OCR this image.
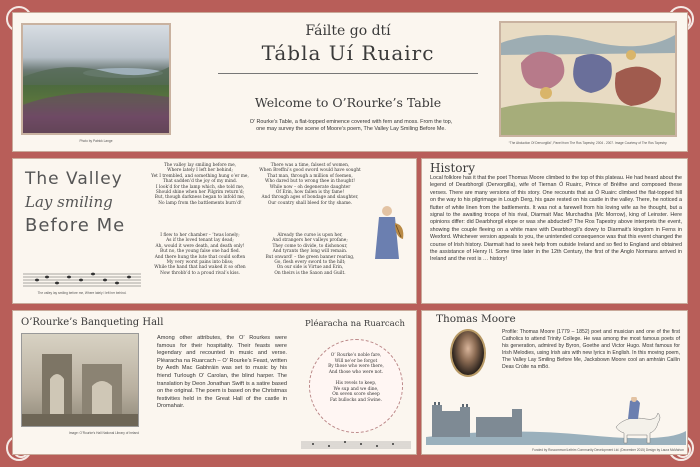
Photo by Patrick Lange
Fáilte go dtí
Tábla Uí Ruairc
Welcome to O’Rourke’s Table
O’ Rourke’s Table, a flat-topped eminence covered with fern and moss. From the top, one may survey the scene of Moore’s poem, The Valley Lay Smiling Before Me.
“The Abduction Of Dervorgilla”, Panel from The Ros Tapestry, 2004 - 2007. Image Courtesy of The Ros Tapestry.
The Valley
Lay smiling
Before Me
The valley lay smiling before me, Where lately I left her behind.
The valley lay smiling before me,
Where lately I left her behind;
Yet I trembled, and something hung o’er me,
That sadden’d the joy of my mind.
I look’d for the lamp which, she told me,
Should shine when her Pilgrim return’d;
But, though darkness began to infold me,
No lamp from the battlements burn’d!
I flew to her chamber – ’twas lonely;
As if the loved tenant lay dead;
Ah, would it were death, and death only!
But no, the young false one had fled.
And there hung the lute that could soften
My very worst pains into bliss;
While the hand that had waked it so often
Now throbb’d to a proud rival’s kiss.
There was a time, falsest of women,
When Breffni’s good sword would have sought
That man, through a million of foemen,
Who dared but to wrong thee in thought!
While now – oh degenerate daughter
Of Erin, how fallen is thy fame!
And through ages of bondage and slaughter,
Our country shall bleed for thy shame.
Already the curse is upon her,
And strangers her valleys profane;
They come to divide, to dishonour,
And tyrants they long will remain.
But onward! – the green banner rearing,
Go, flesh every sword to the hilt;
On our side is Virtue and Erin,
On theirs is the Saxon and Guilt.
History
Local folklore has it that the poet Thomas Moore climbed to the top of this plateau. He had heard about the legend of Dearbhorgil (Dervorgilla), wife of Tiernan Ó Ruairc, Prince of Bréifne and composed these verses. There are many versions of this story. One recounts that as Ó Ruairc climbed the flat-topped hill on the way to his pilgrimage in Lough Derg, his gaze rested on his castle in the valley. There, he noticed a flutter of white linen from the battlements. It was not a farewell from his loving wife as he thought, but a signal to the awaiting troops of his rival, Diarmait Mac Murchadha (Mc Morrow), king of Leinster. Here opinions differ: did Dearbhorgil elope or was she abducted? The Ros Tapestry above interprets the event, showing the couple fleeing on a white mare with Dearbhorgil’s dowry to Diarmait’s kingdom in Ferns in Wexford. Whichever version appeals to you, the unintended consequence was that this event changed the course of Irish history. Diarmait had to seek help from outside Ireland and so fled to England and obtained the assistance of Henry II. Some time later in the 12th Century, the first of the Anglo Normans arrived in Ireland and the rest is … history!
O’Rourke’s Banqueting Hall
Image: O’Rourke’s Hall National Library of Ireland
Among other attributes, the O’ Rourkes were famous for their hospitality. Their feasts were legendary and recounted in music and verse. Pléaracha na Ruarcach – O’ Rourke’s Feast, written by Aedh Mac Gabhráin was set to music by his friend Turlough O’ Carolan, the blind harper. The translation by Deon Jonathan Swift is a satire based on the original. The poem is based on the Christmas festivities held in the Great Hall of the castle in Dromahair.
Pléaracha na Ruarcach
O’ Rourke’s noble fare,
Will ne’er be forgot
By those who were there,
And those who were not.

His revels to keep,
We sup and we dine,
On seven score sheep
Fat bullocks and Swine.
Thomas Moore
Profile: Thomas Moore (1779 – 1852) poet and musician and one of the first Catholics to attend Trinity College. He was among the most famous poets of his generation, admired by Byron, Goethe and Victor Hugo. Most famous for Irish Melodies, using Irish airs with new lyrics in English. In this moving poem, The Valley Lay Smiling Before Me, Jacksbown Moore cool an amhráin Cailín Deas Crúite na mBó.
Funded by Roscommon/Leitrim Community Development Ltd. (December 2015) Design by Laura McMahon
